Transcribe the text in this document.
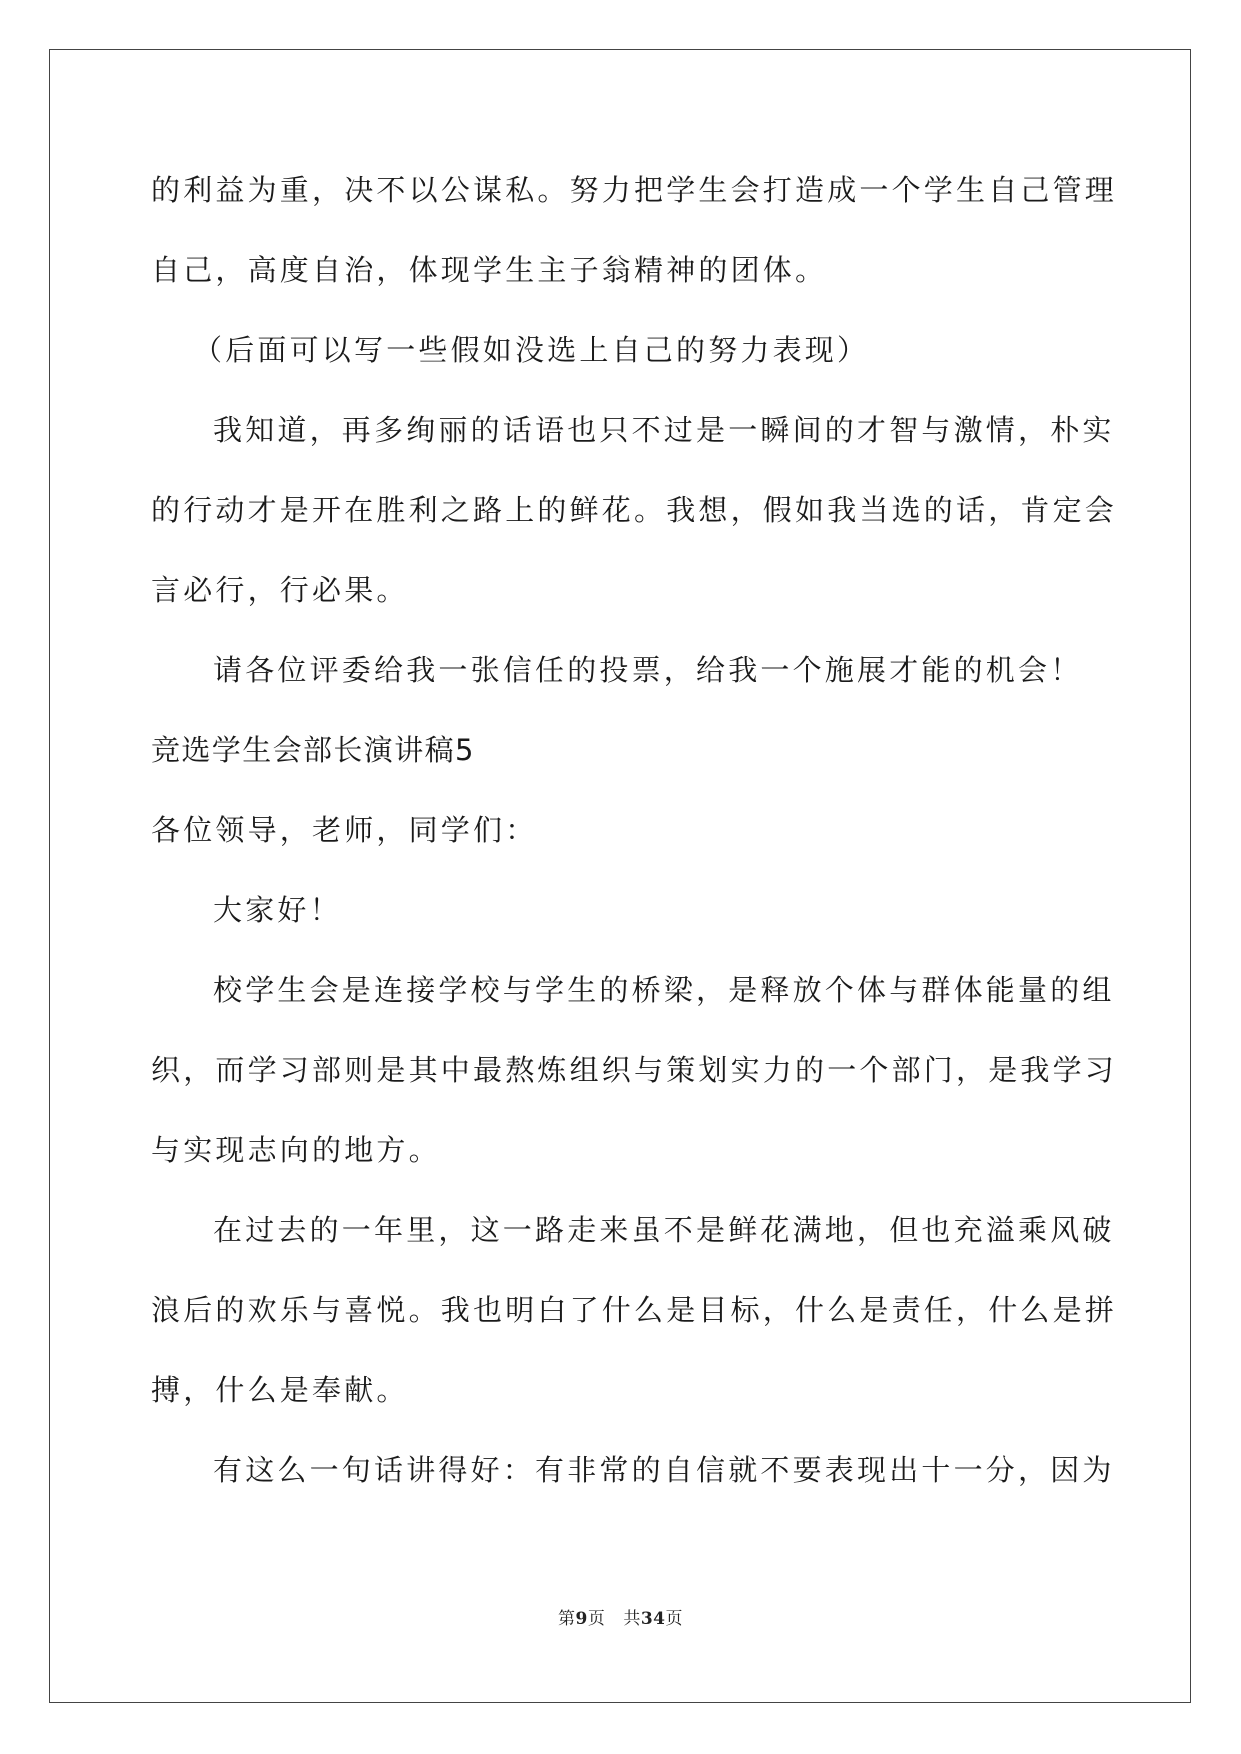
的利益为重，决不以公谋私。努力把学生会打造成一个学生自己管理
自己，高度自治，体现学生主子翁精神的团体。
（后面可以写一些假如没选上自己的努力表现）
我知道，再多绚丽的话语也只不过是一瞬间的才智与激情，朴实
的行动才是开在胜利之路上的鲜花。我想，假如我当选的话，肯定会
言必行，行必果。
请各位评委给我一张信任的投票，给我一个施展才能的机会！
竞选学生会部长演讲稿5
各位领导，老师，同学们：
大家好！
校学生会是连接学校与学生的桥梁，是释放个体与群体能量的组
织，而学习部则是其中最熬炼组织与策划实力的一个部门，是我学习
与实现志向的地方。
在过去的一年里，这一路走来虽不是鲜花满地，但也充溢乘风破
浪后的欢乐与喜悦。我也明白了什么是目标，什么是责任，什么是拼
搏，什么是奉献。
有这么一句话讲得好：有非常的自信就不要表现出十一分，因为
第9页 共34页
